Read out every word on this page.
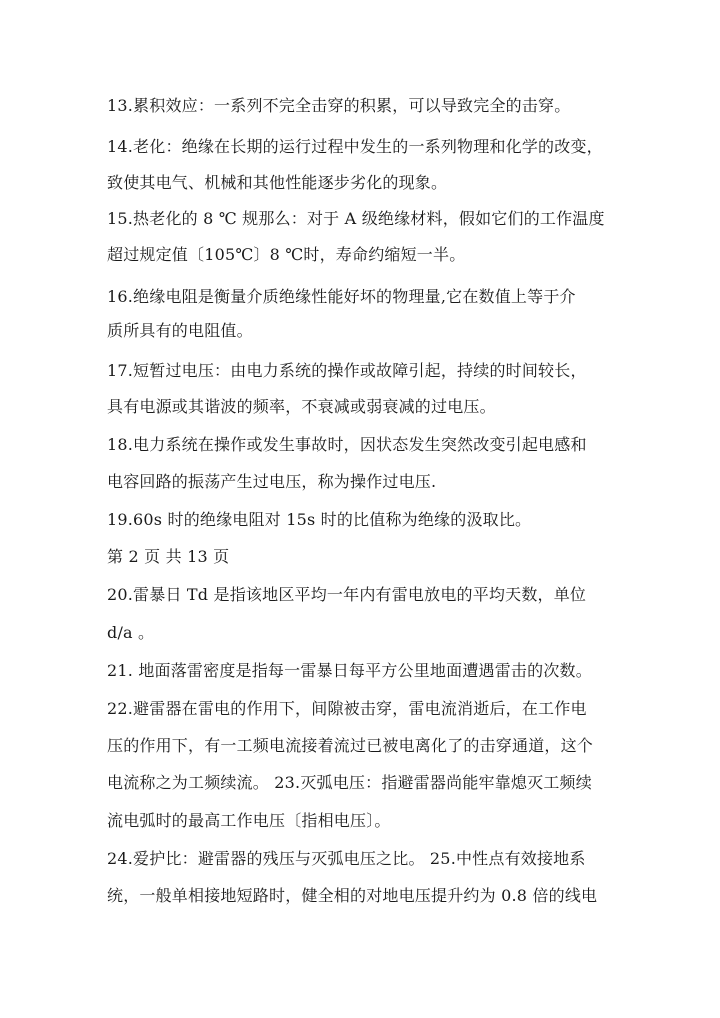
13.累积效应：一系列不完全击穿的积累，可以导致完全的击穿。
14.老化：绝缘在长期的运行过程中发生的一系列物理和化学的改变，
致使其电气、机械和其他性能逐步劣化的现象。
15.热老化的 8 ℃ 规那么：对于 A 级绝缘材料，假如它们的工作温度
超过规定值〔105℃〕8 ℃时，寿命约缩短一半。
16.绝缘电阻是衡量介质绝缘性能好坏的物理量,它在数值上等于介
质所具有的电阻值。
17.短暂过电压：由电力系统的操作或故障引起，持续的时间较长，
具有电源或其谐波的频率，不衰减或弱衰减的过电压。
18.电力系统在操作或发生事故时，因状态发生突然改变引起电感和
电容回路的振荡产生过电压，称为操作过电压.
19.60s 时的绝缘电阻对 15s 时的比值称为绝缘的汲取比。
第 2 页 共 13 页
20.雷暴日 Td 是指该地区平均一年内有雷电放电的平均天数，单位
d/a 。
21. 地面落雷密度是指每一雷暴日每平方公里地面遭遇雷击的次数。
22.避雷器在雷电的作用下，间隙被击穿，雷电流消逝后，在工作电
压的作用下，有一工频电流接着流过已被电离化了的击穿通道，这个
电流称之为工频续流。 23.灭弧电压：指避雷器尚能牢靠熄灭工频续
流电弧时的最高工作电压〔指相电压〕。
24.爱护比：避雷器的残压与灭弧电压之比。 25.中性点有效接地系
统，一般单相接地短路时，健全相的对地电压提升约为 0.8 倍的线电
